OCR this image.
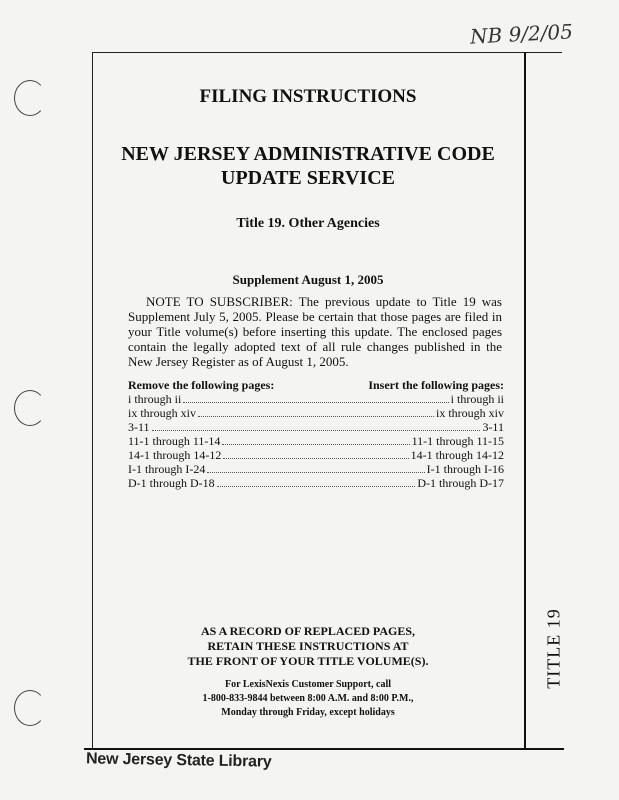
NB 9/2/05
TITLE 19
FILING INSTRUCTIONS
NEW JERSEY ADMINISTRATIVE CODE
UPDATE SERVICE
Title 19. Other Agencies
Supplement August 1, 2005
NOTE TO SUBSCRIBER: The previous update to Title 19 was Supplement July 5, 2005. Please be certain that those pages are filed in your Title volume(s) before inserting this update. The enclosed pages contain the legally adopted text of all rule changes published in the New Jersey Register as of August 1, 2005.
Remove the following pages:	Insert the following pages:
i through ii	i through ii
ix through xiv	ix through xiv
3-11	3-11
11-1 through 11-14	11-1 through 11-15
14-1 through 14-12	14-1 through 14-12
I-1 through I-24	I-1 through I-16
D-1 through D-18	D-1 through D-17
AS A RECORD OF REPLACED PAGES,
RETAIN THESE INSTRUCTIONS AT
THE FRONT OF YOUR TITLE VOLUME(S).
For LexisNexis Customer Support, call
1-800-833-9844 between 8:00 A.M. and 8:00 P.M.,
Monday through Friday, except holidays
New Jersey State Library
